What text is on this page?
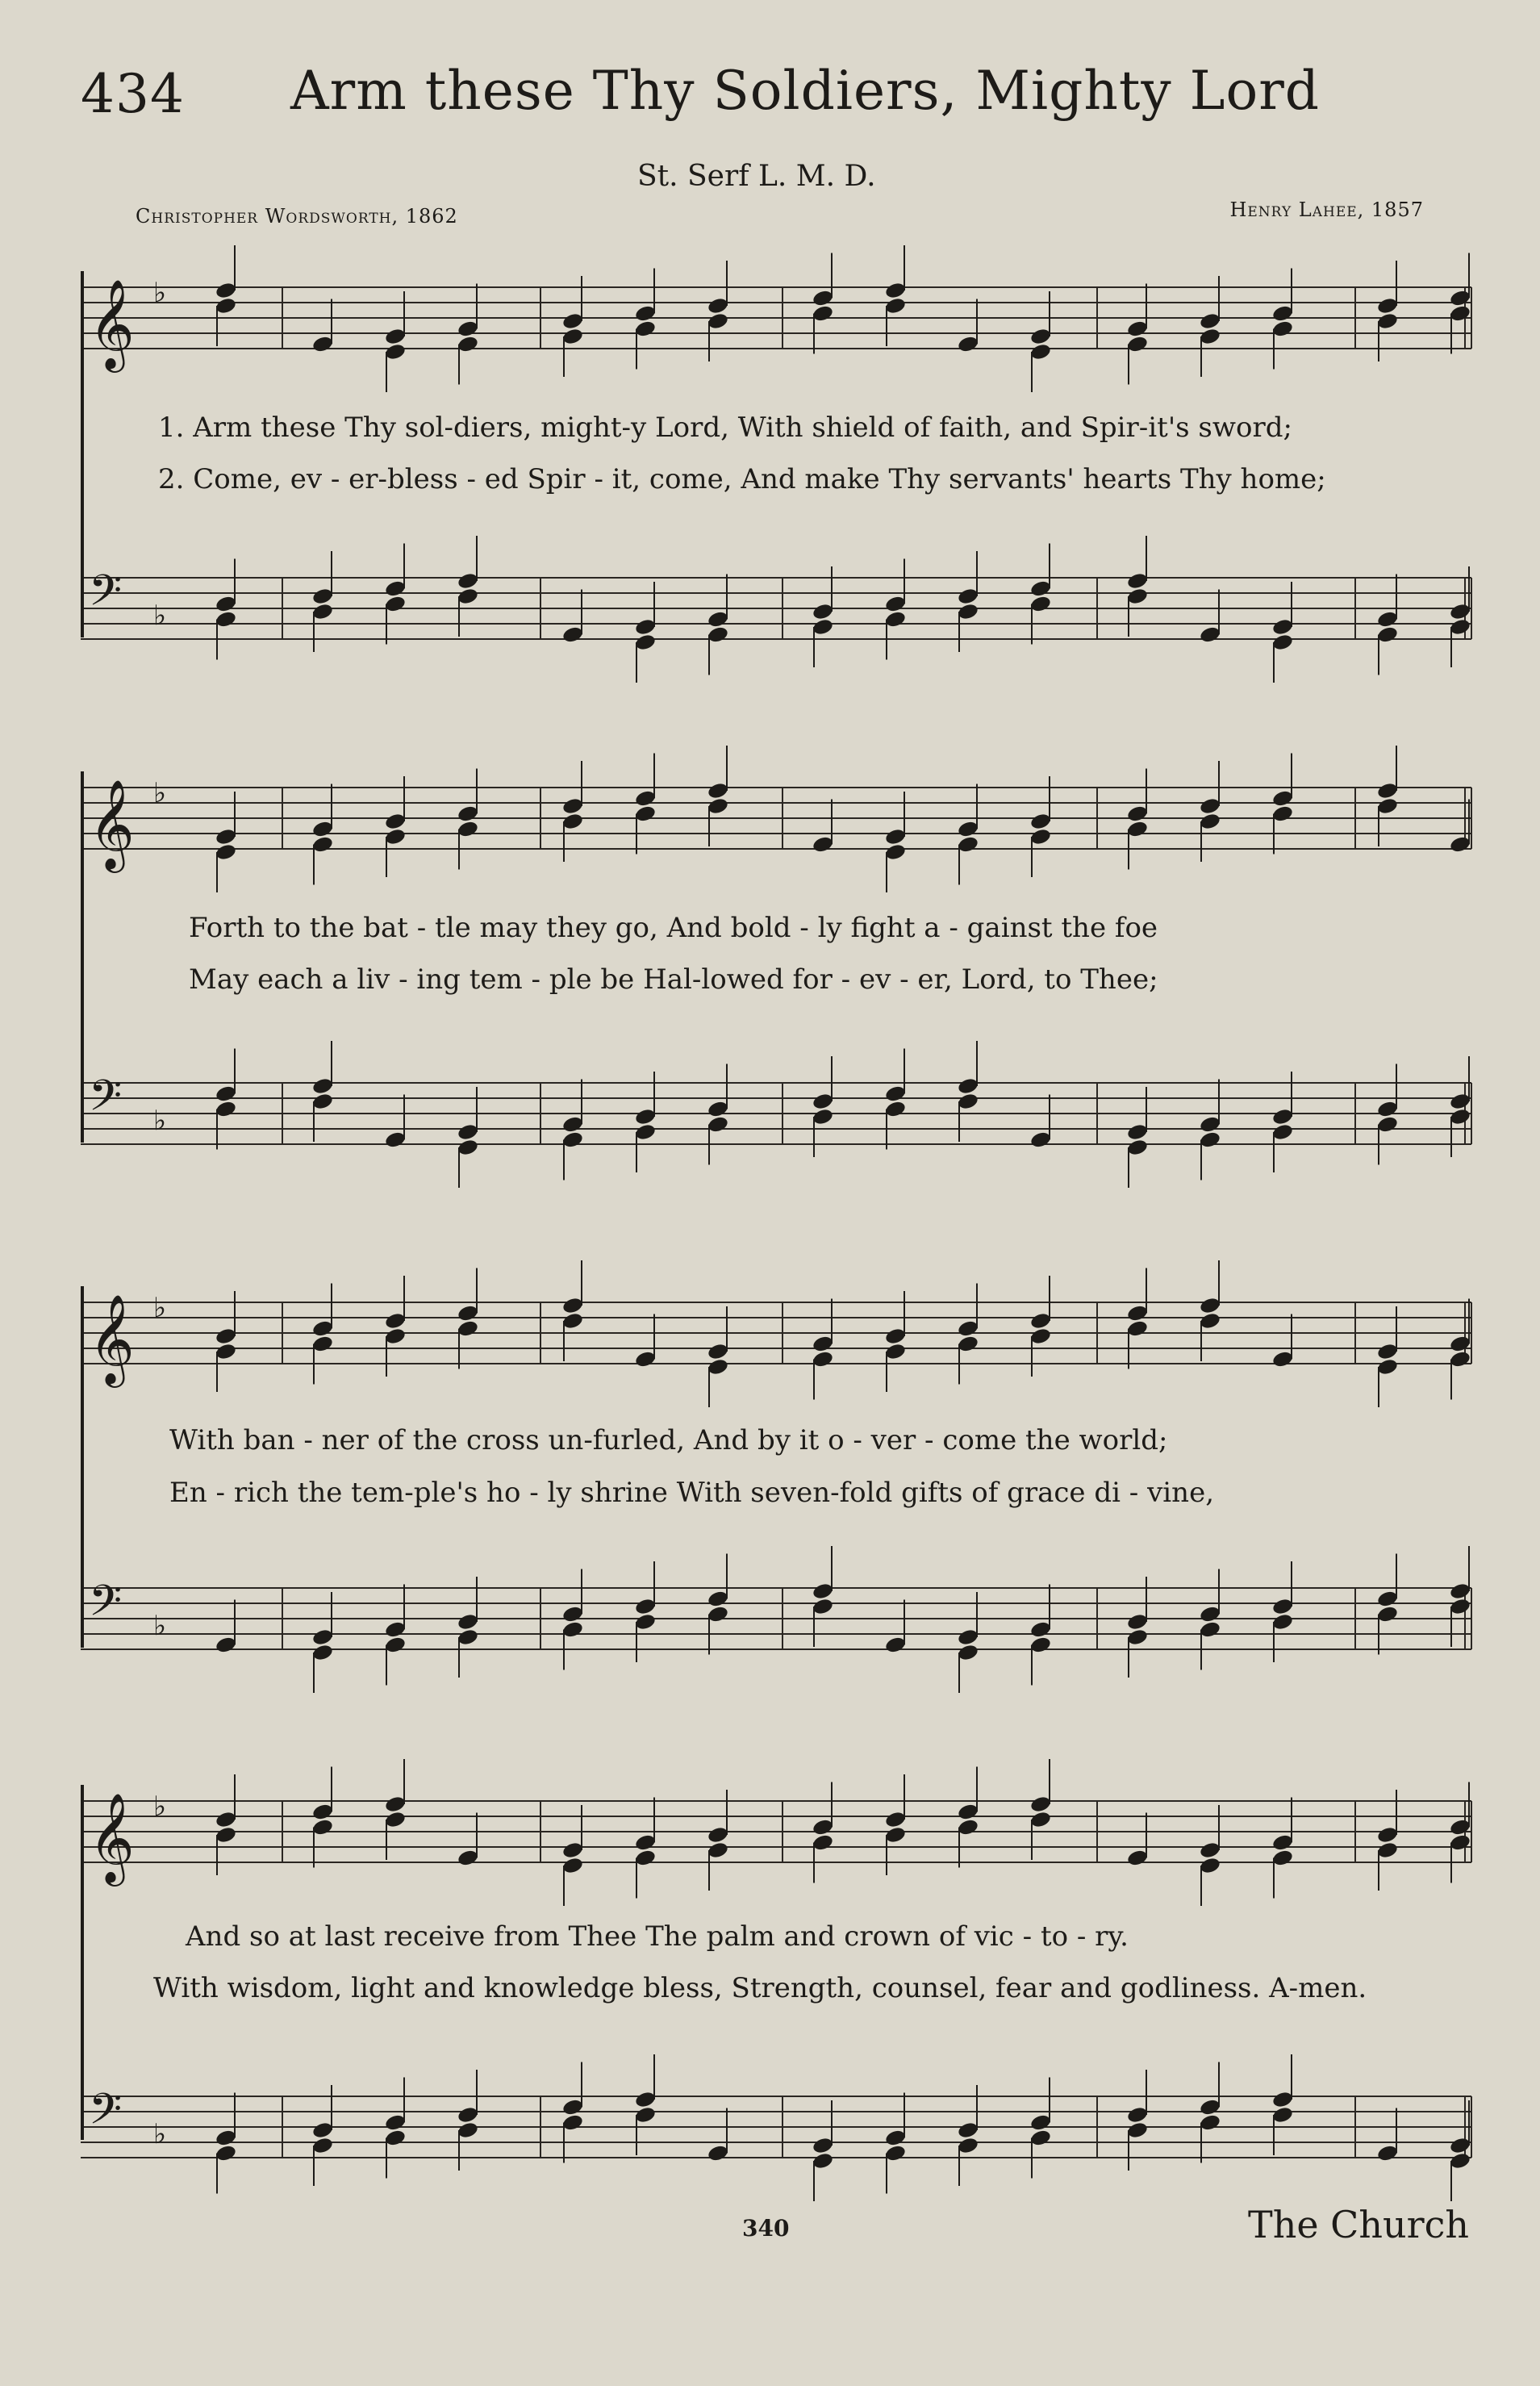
434 Arm these Thy Soldiers, Mighty Lord
St. Serf L. M. D.
Christopher Wordsworth, 1862	Henry Lahee, 1857
𝄞 ♭
1. Arm these Thy sol-diers, might-y Lord, With shield of faith, and Spir-it's sword;
2. Come, ev - er-bless - ed Spir - it, come, And make Thy servants' hearts Thy home;
𝄢 ♭
𝄞 ♭
Forth to the bat - tle may they go, And bold - ly fight a - gainst the foe
May each a liv - ing tem - ple be Hal-lowed for - ev - er, Lord, to Thee;
𝄢 ♭
𝄞 ♭
With ban - ner of the cross un-furled, And by it o - ver - come the world;
En - rich the tem-ple's ho - ly shrine With seven-fold gifts of grace di - vine,
𝄢 ♭
𝄞 ♭
And so at last receive from Thee The palm and crown of vic - to - ry.
With wisdom, light and knowledge bless, Strength, counsel, fear and godliness. A-men.
𝄢 ♭
340	The Church
